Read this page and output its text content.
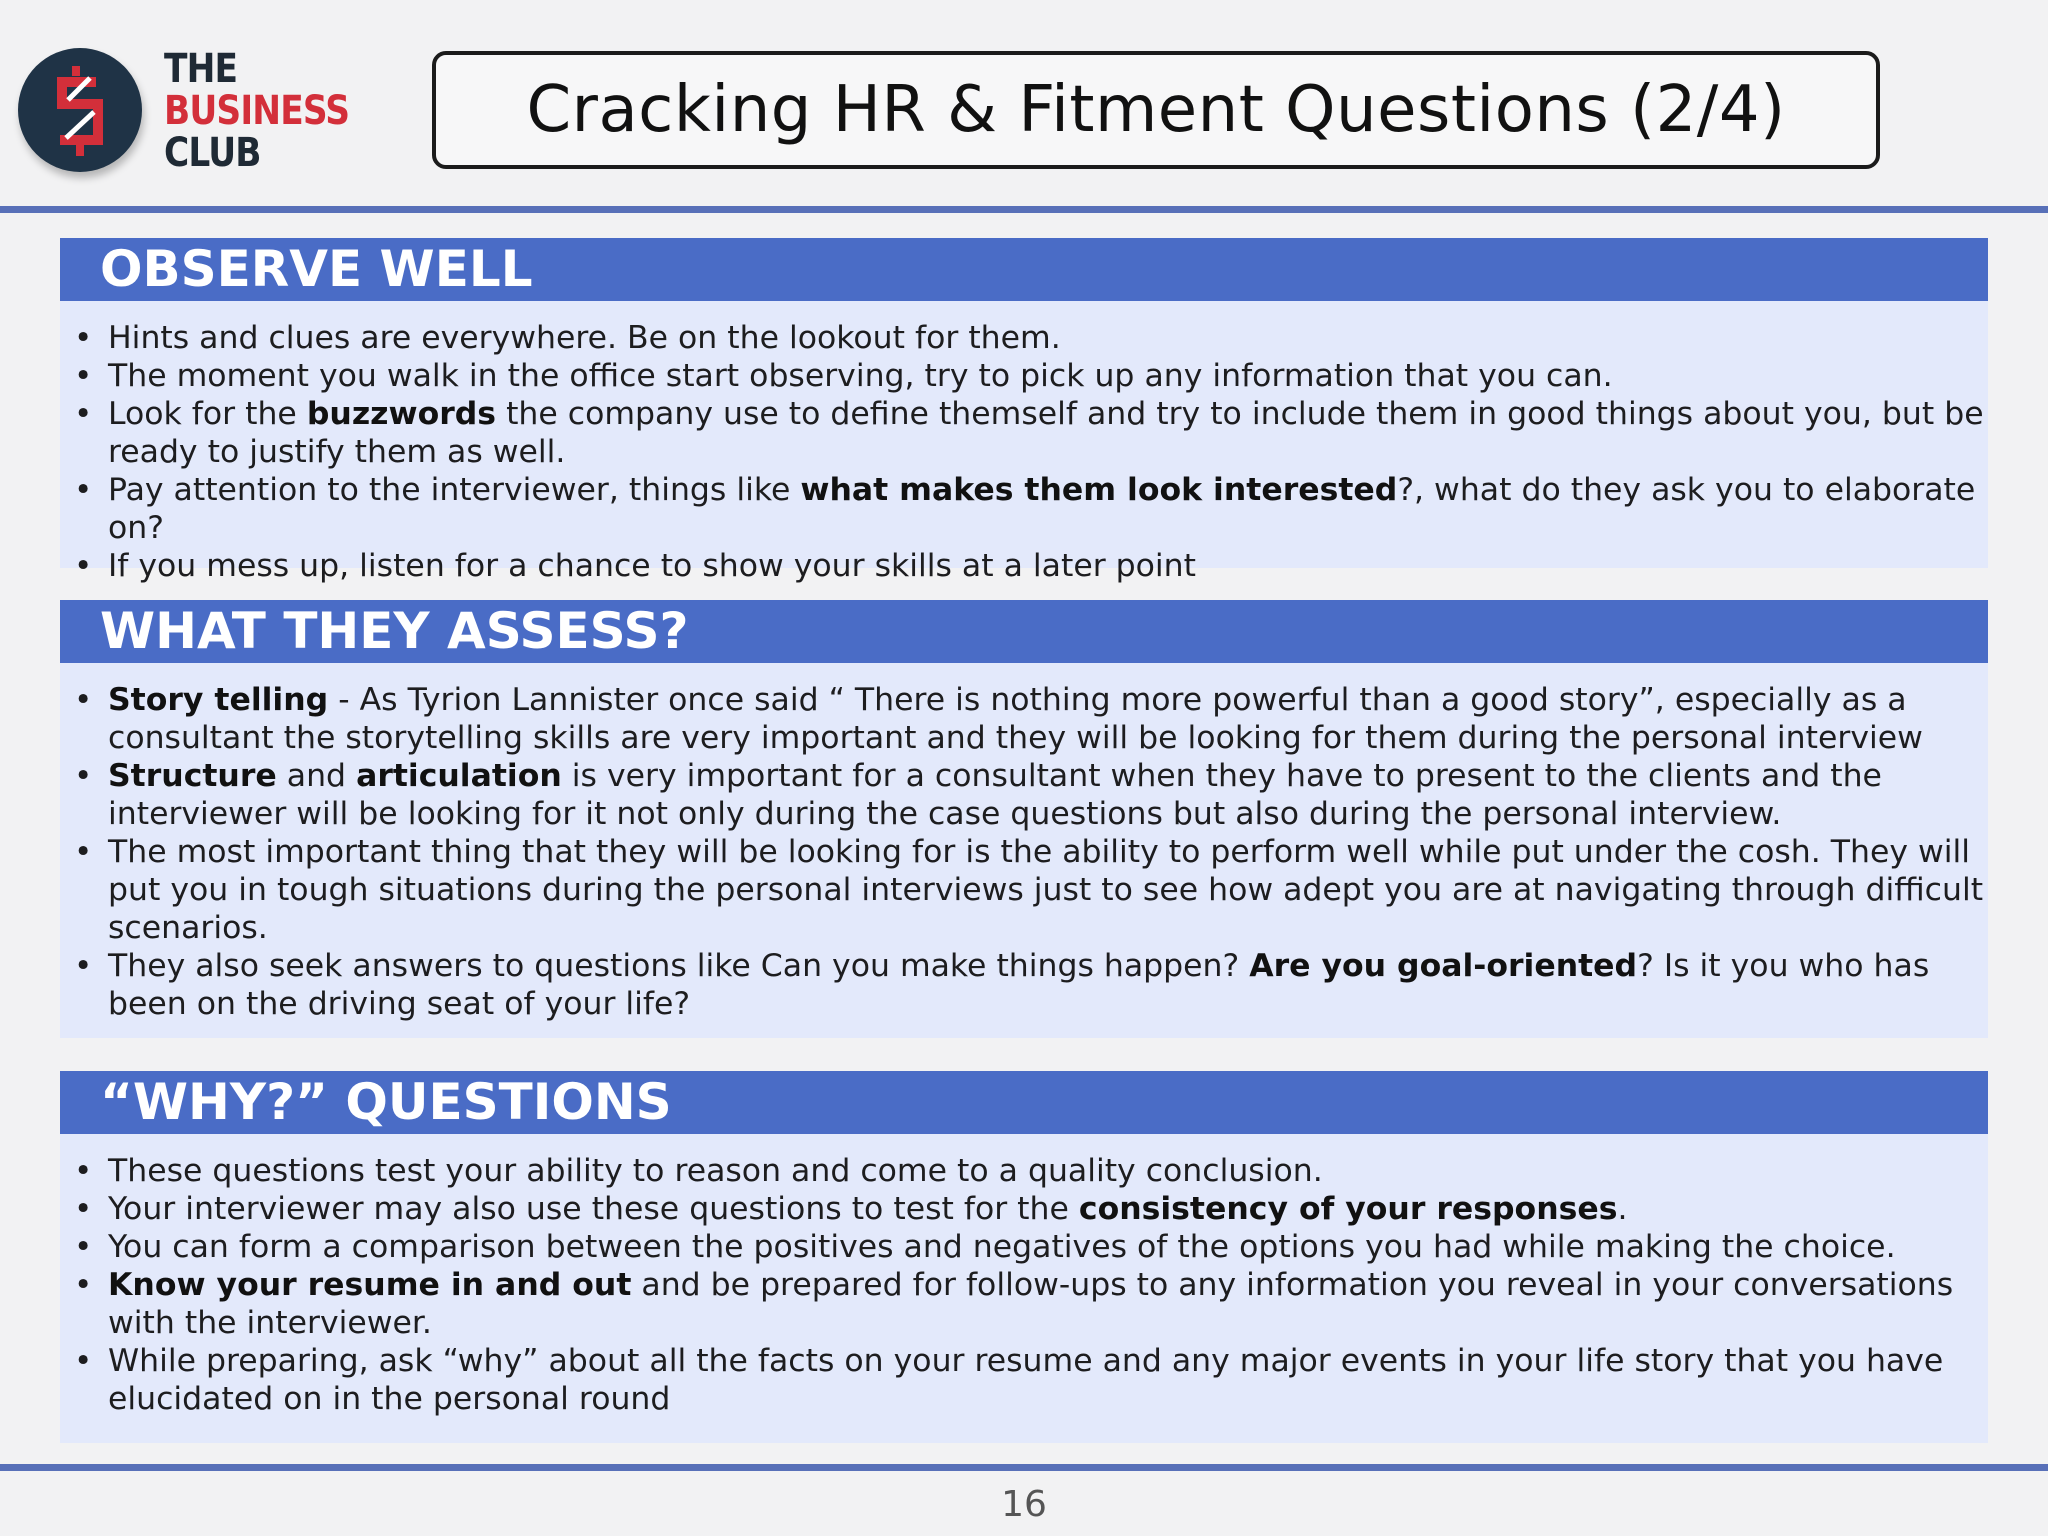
THE
BUSINESS
CLUB
Cracking HR & Fitment Questions (2/4)
OBSERVE WELL
• Hints and clues are everywhere. Be on the lookout for them.
• The moment you walk in the office start observing, try to pick up any information that you can.
• Look for the buzzwords the company use to define themself and try to include them in good things about you, but be ready to justify them as well.
• Pay attention to the interviewer, things like what makes them look interested?, what do they ask you to elaborate on?
• If you mess up, listen for a chance to show your skills at a later point
WHAT THEY ASSESS?
• Story telling - As Tyrion Lannister once said “ There is nothing more powerful than a good story”, especially as a consultant the storytelling skills are very important and they will be looking for them during the personal interview
• Structure and articulation is very important for a consultant when they have to present to the clients and the interviewer will be looking for it not only during the case questions but also during the personal interview.
• The most important thing that they will be looking for is the ability to perform well while put under the cosh. They will put you in tough situations during the personal interviews just to see how adept you are at navigating through difficult scenarios.
• They also seek answers to questions like Can you make things happen? Are you goal-oriented? Is it you who has been on the driving seat of your life?
“WHY?” QUESTIONS
• These questions test your ability to reason and come to a quality conclusion.
• Your interviewer may also use these questions to test for the consistency of your responses.
• You can form a comparison between the positives and negatives of the options you had while making the choice.
• Know your resume in and out and be prepared for follow-ups to any information you reveal in your conversations with the interviewer.
• While preparing, ask “why” about all the facts on your resume and any major events in your life story that you have elucidated on in the personal round
16
